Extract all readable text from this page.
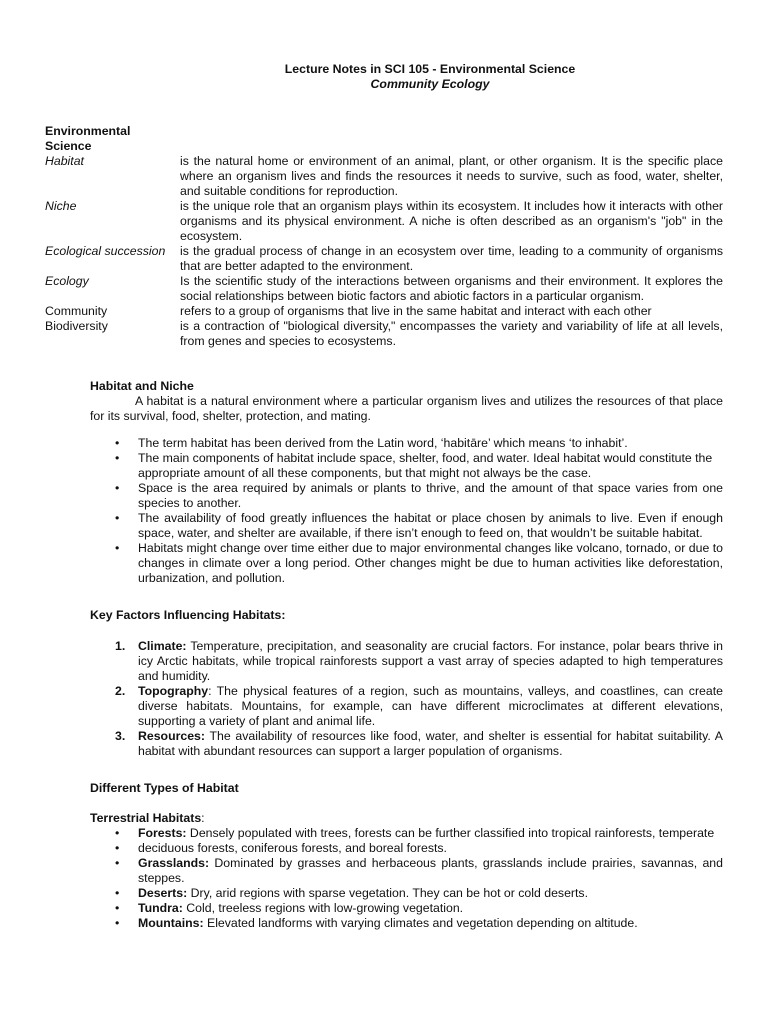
Lecture Notes in SCI 105 - Environmental Science
Community Ecology
Environmental Science
Habitat	is the natural home or environment of an animal, plant, or other organism. It is the specific place where an organism lives and finds the resources it needs to survive, such as food, water, shelter, and suitable conditions for reproduction.
Niche	is the unique role that an organism plays within its ecosystem. It includes how it interacts with other organisms and its physical environment. A niche is often described as an organism's "job" in the ecosystem.
Ecological succession	is the gradual process of change in an ecosystem over time, leading to a community of organisms that are better adapted to the environment.
Ecology	Is the scientific study of the interactions between organisms and their environment. It explores the social relationships between biotic factors and abiotic factors in a particular organism.
Community	refers to a group of organisms that live in the same habitat and interact with each other
Biodiversity	is a contraction of "biological diversity," encompasses the variety and variability of life at all levels, from genes and species to ecosystems.
Habitat and Niche

A habitat is a natural environment where a particular organism lives and utilizes the resources of that place for its survival, food, shelter, protection, and mating.

• The term habitat has been derived from the Latin word, ‘habitāre’ which means ‘to inhabit’.
• The main components of habitat include space, shelter, food, and water. Ideal habitat would constitute the
appropriate amount of all these components, but that might not always be the case.
• Space is the area required by animals or plants to thrive, and the amount of that space varies from one species to another.
• The availability of food greatly influences the habitat or place chosen by animals to live. Even if enough space, water, and shelter are available, if there isn’t enough to feed on, that wouldn’t be suitable habitat.
• Habitats might change over time either due to major environmental changes like volcano, tornado, or due to changes in climate over a long period. Other changes might be due to human activities like deforestation, urbanization, and pollution.
Key Factors Influencing Habitats:
1. Climate: Temperature, precipitation, and seasonality are crucial factors. For instance, polar bears thrive in icy Arctic habitats, while tropical rainforests support a vast array of species adapted to high temperatures and humidity.
2. Topography: The physical features of a region, such as mountains, valleys, and coastlines, can create diverse habitats. Mountains, for example, can have different microclimates at different elevations, supporting a variety of plant and animal life.
3. Resources: The availability of resources like food, water, and shelter is essential for habitat suitability. A habitat with abundant resources can support a larger population of organisms.
Different Types of Habitat
Terrestrial Habitats:
• Forests: Densely populated with trees, forests can be further classified into tropical rainforests, temperate
• deciduous forests, coniferous forests, and boreal forests.
• Grasslands: Dominated by grasses and herbaceous plants, grasslands include prairies, savannas, and steppes.
• Deserts: Dry, arid regions with sparse vegetation. They can be hot or cold deserts.
• Tundra: Cold, treeless regions with low-growing vegetation.
• Mountains: Elevated landforms with varying climates and vegetation depending on altitude.
